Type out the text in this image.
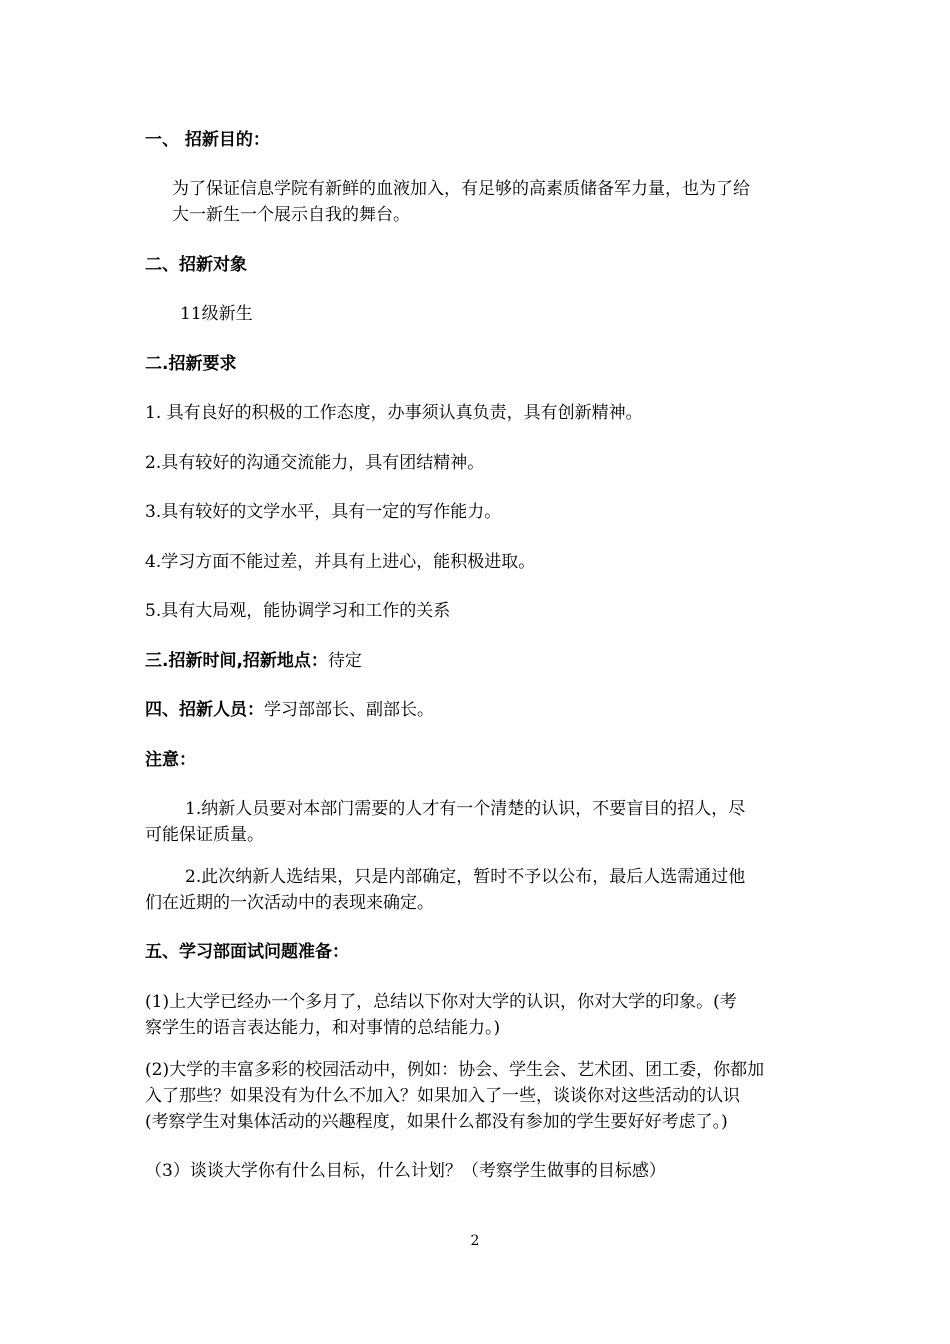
一、 招新目的：
为了保证信息学院有新鲜的血液加入，有足够的高素质储备军力量，也为了给
大一新生一个展示自我的舞台。
二、招新对象
11级新生
二.招新要求
1. 具有良好的积极的工作态度，办事须认真负责，具有创新精神。
2.具有较好的沟通交流能力，具有团结精神。
3.具有较好的文学水平，具有一定的写作能力。
4.学习方面不能过差，并具有上进心，能积极进取。
5.具有大局观，能协调学习和工作的关系
三.招新时间,招新地点：待定
四、招新人员：学习部部长、副部长。
注意：
1.纳新人员要对本部门需要的人才有一个清楚的认识，不要盲目的招人，尽
可能保证质量。
2.此次纳新人选结果，只是内部确定，暂时不予以公布，最后人选需通过他
们在近期的一次活动中的表现来确定。
五、学习部面试问题准备：
(1)上大学已经办一个多月了，总结以下你对大学的认识，你对大学的印象。(考
察学生的语言表达能力，和对事情的总结能力。)
(2)大学的丰富多彩的校园活动中，例如：协会、学生会、艺术团、团工委，你都加
入了那些？如果没有为什么不加入？如果加入了一些，谈谈你对这些活动的认识
(考察学生对集体活动的兴趣程度，如果什么都没有参加的学生要好好考虑了。)
（3）谈谈大学你有什么目标，什么计划？（考察学生做事的目标感）
2
